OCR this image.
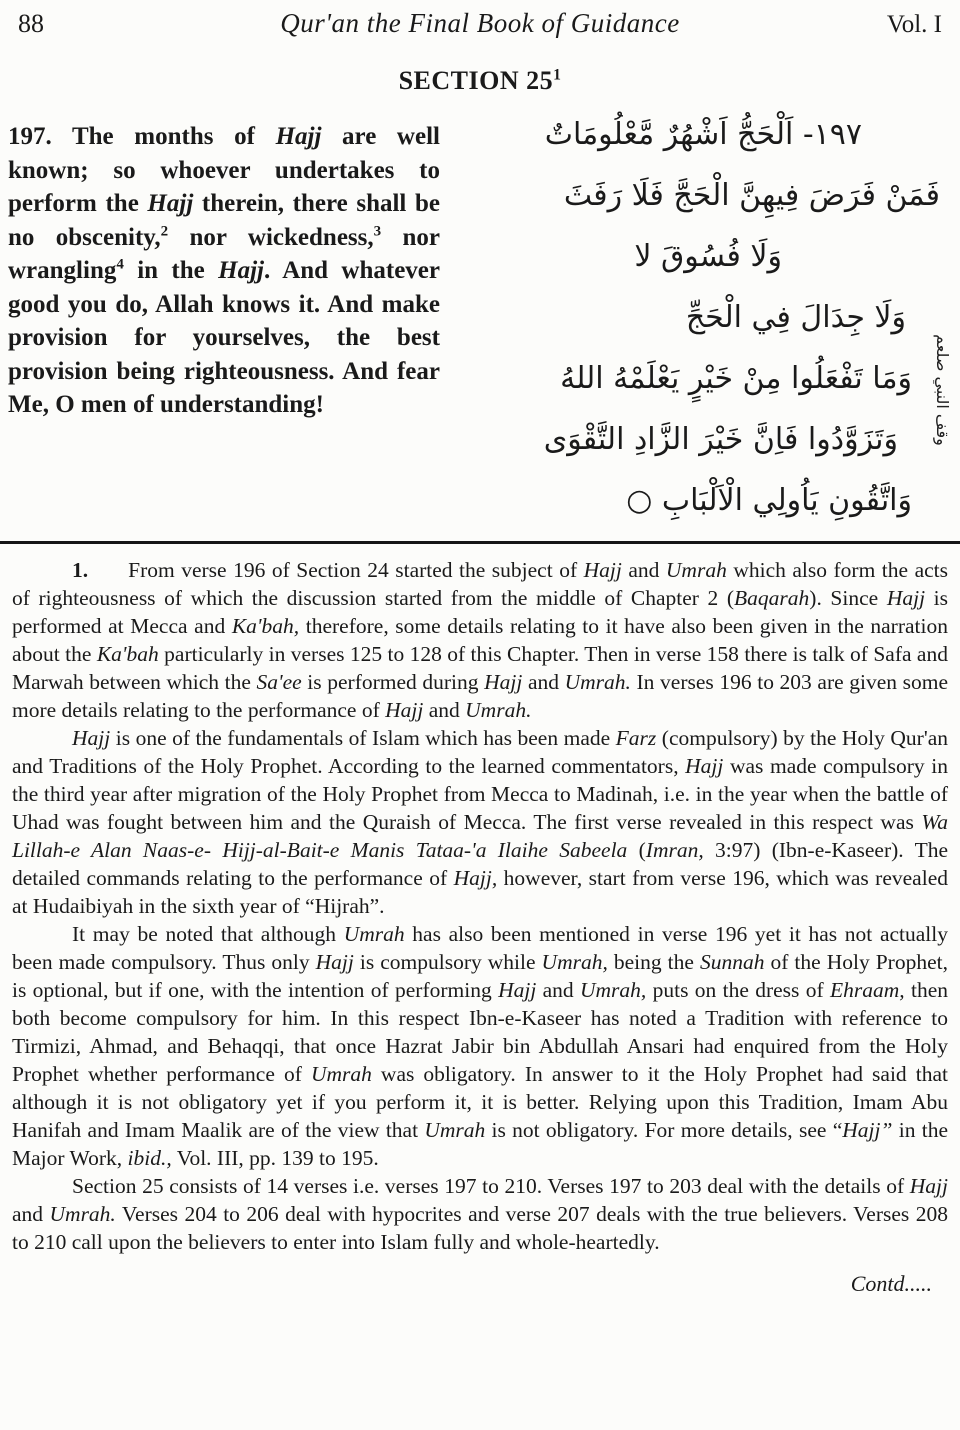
88	Qur'an the Final Book of Guidance	Vol. I
SECTION $25^1$
197. The months of Hajj are well known; so whoever undertakes to perform the Hajj therein, there shall be no obscenity,$^2$ nor wickedness,$^3$ nor wrangling$^4$ in the Hajj. And whatever good you do, Allah knows it. And make provision for yourselves, the best provision being righteousness. And fear Me, O men of understanding!
١٩٧- اَلْحَجُّ اَشْهُرٌ مَّعْلُومَاتٌ
فَمَنْ فَرَضَ فِيهِنَّ الْحَجَّ فَلَا رَفَثَ
وَلَا فُسُوقَ لا
وَلَا جِدَالَ فِي الْحَجِّ
وَمَا تَفْعَلُوا مِنْ خَيْرٍ يَعْلَمْهُ اللهُ
وَتَزَوَّدُوا فَاِنَّ خَيْرَ الزَّادِ التَّقْوَى
وَاتَّقُونِ يَاُولِي الْاَلْبَابِ ○
وقف النبي صلعم

1. From verse 196 of Section 24 started the subject of Hajj and Umrah which also form the acts of righteousness of which the discussion started from the middle of Chapter 2 (Baqarah). Since Hajj is performed at Mecca and Ka'bah, therefore, some details relating to it have also been given in the narration about the Ka'bah particularly in verses 125 to 128 of this Chapter. Then in verse 158 there is talk of Safa and Marwah between which the Sa'ee is performed during Hajj and Umrah. In verses 196 to 203 are given some more details relating to the performance of Hajj and Umrah.

Hajj is one of the fundamentals of Islam which has been made Farz (compulsory) by the Holy Qur'an and Traditions of the Holy Prophet. According to the learned commentators, Hajj was made compulsory in the third year after migration of the Holy Prophet from Mecca to Madinah, i.e. in the year when the battle of Uhad was fought between him and the Quraish of Mecca. The first verse revealed in this respect was Wa Lillah-e Alan Naas-e- Hijj-al-Bait-e Manis Tataa-'a Ilaihe Sabeela (Imran, 3:97) (Ibn-e-Kaseer). The detailed commands relating to the performance of Hajj, however, start from verse 196, which was revealed at Hudaibiyah in the sixth year of “Hijrah”.

It may be noted that although Umrah has also been mentioned in verse 196 yet it has not actually been made compulsory. Thus only Hajj is compulsory while Umrah, being the Sunnah of the Holy Prophet, is optional, but if one, with the intention of performing Hajj and Umrah, puts on the dress of Ehraam, then both become compulsory for him. In this respect Ibn-e-Kaseer has noted a Tradition with reference to Tirmizi, Ahmad, and Behaqqi, that once Hazrat Jabir bin Abdullah Ansari had enquired from the Holy Prophet whether performance of Umrah was obligatory. In answer to it the Holy Prophet had said that although it is not obligatory yet if you perform it, it is better. Relying upon this Tradition, Imam Abu Hanifah and Imam Maalik are of the view that Umrah is not obligatory. For more details, see “Hajj” in the Major Work, ibid., Vol. III, pp. 139 to 195.

Section 25 consists of 14 verses i.e. verses 197 to 210. Verses 197 to 203 deal with the details of Hajj and Umrah. Verses 204 to 206 deal with hypocrites and verse 207 deals with the true believers. Verses 208 to 210 call upon the believers to enter into Islam fully and whole-heartedly.

Contd.....
